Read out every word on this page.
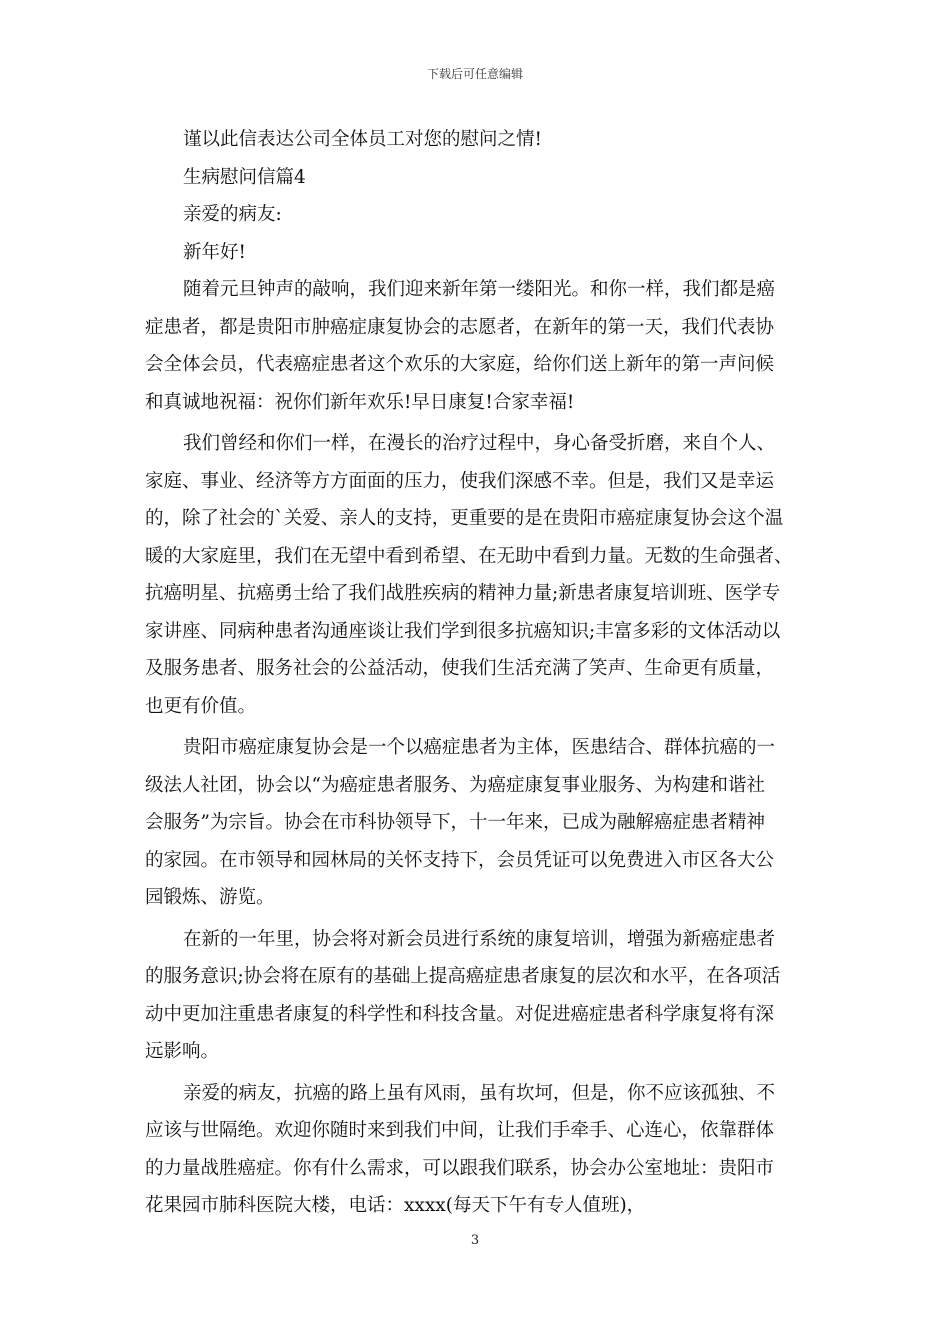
下载后可任意编辑
谨以此信表达公司全体员工对您的慰问之情!
生病慰问信篇4
亲爱的病友:
新年好!
随着元旦钟声的敲响，我们迎来新年第一缕阳光。和你一样，我们都是癌
症患者，都是贵阳市肿癌症康复协会的志愿者，在新年的第一天，我们代表协
会全体会员，代表癌症患者这个欢乐的大家庭，给你们送上新年的第一声问候
和真诚地祝福：祝你们新年欢乐!早日康复!合家幸福!
我们曾经和你们一样，在漫长的治疗过程中，身心备受折磨，来自个人、
家庭、事业、经济等方方面面的压力，使我们深感不幸。但是，我们又是幸运
的，除了社会的`关爱、亲人的支持，更重要的是在贵阳市癌症康复协会这个温
暖的大家庭里，我们在无望中看到希望、在无助中看到力量。无数的生命强者、
抗癌明星、抗癌勇士给了我们战胜疾病的精神力量;新患者康复培训班、医学专
家讲座、同病种患者沟通座谈让我们学到很多抗癌知识;丰富多彩的文体活动以
及服务患者、服务社会的公益活动，使我们生活充满了笑声、生命更有质量，
也更有价值。
贵阳市癌症康复协会是一个以癌症患者为主体，医患结合、群体抗癌的一
级法人社团，协会以“为癌症患者服务、为癌症康复事业服务、为构建和谐社
会服务”为宗旨。协会在市科协领导下，十一年来，已成为融解癌症患者精神
的家园。在市领导和园林局的关怀支持下，会员凭证可以免费进入市区各大公
园锻炼、游览。
在新的一年里，协会将对新会员进行系统的康复培训，增强为新癌症患者
的服务意识;协会将在原有的基础上提高癌症患者康复的层次和水平，在各项活
动中更加注重患者康复的科学性和科技含量。对促进癌症患者科学康复将有深
远影响。
亲爱的病友，抗癌的路上虽有风雨，虽有坎坷，但是，你不应该孤独、不
应该与世隔绝。欢迎你随时来到我们中间，让我们手牵手、心连心，依靠群体
的力量战胜癌症。你有什么需求，可以跟我们联系，协会办公室地址：贵阳市
花果园市肺科医院大楼，电话：xxxx(每天下午有专人值班)，
3
